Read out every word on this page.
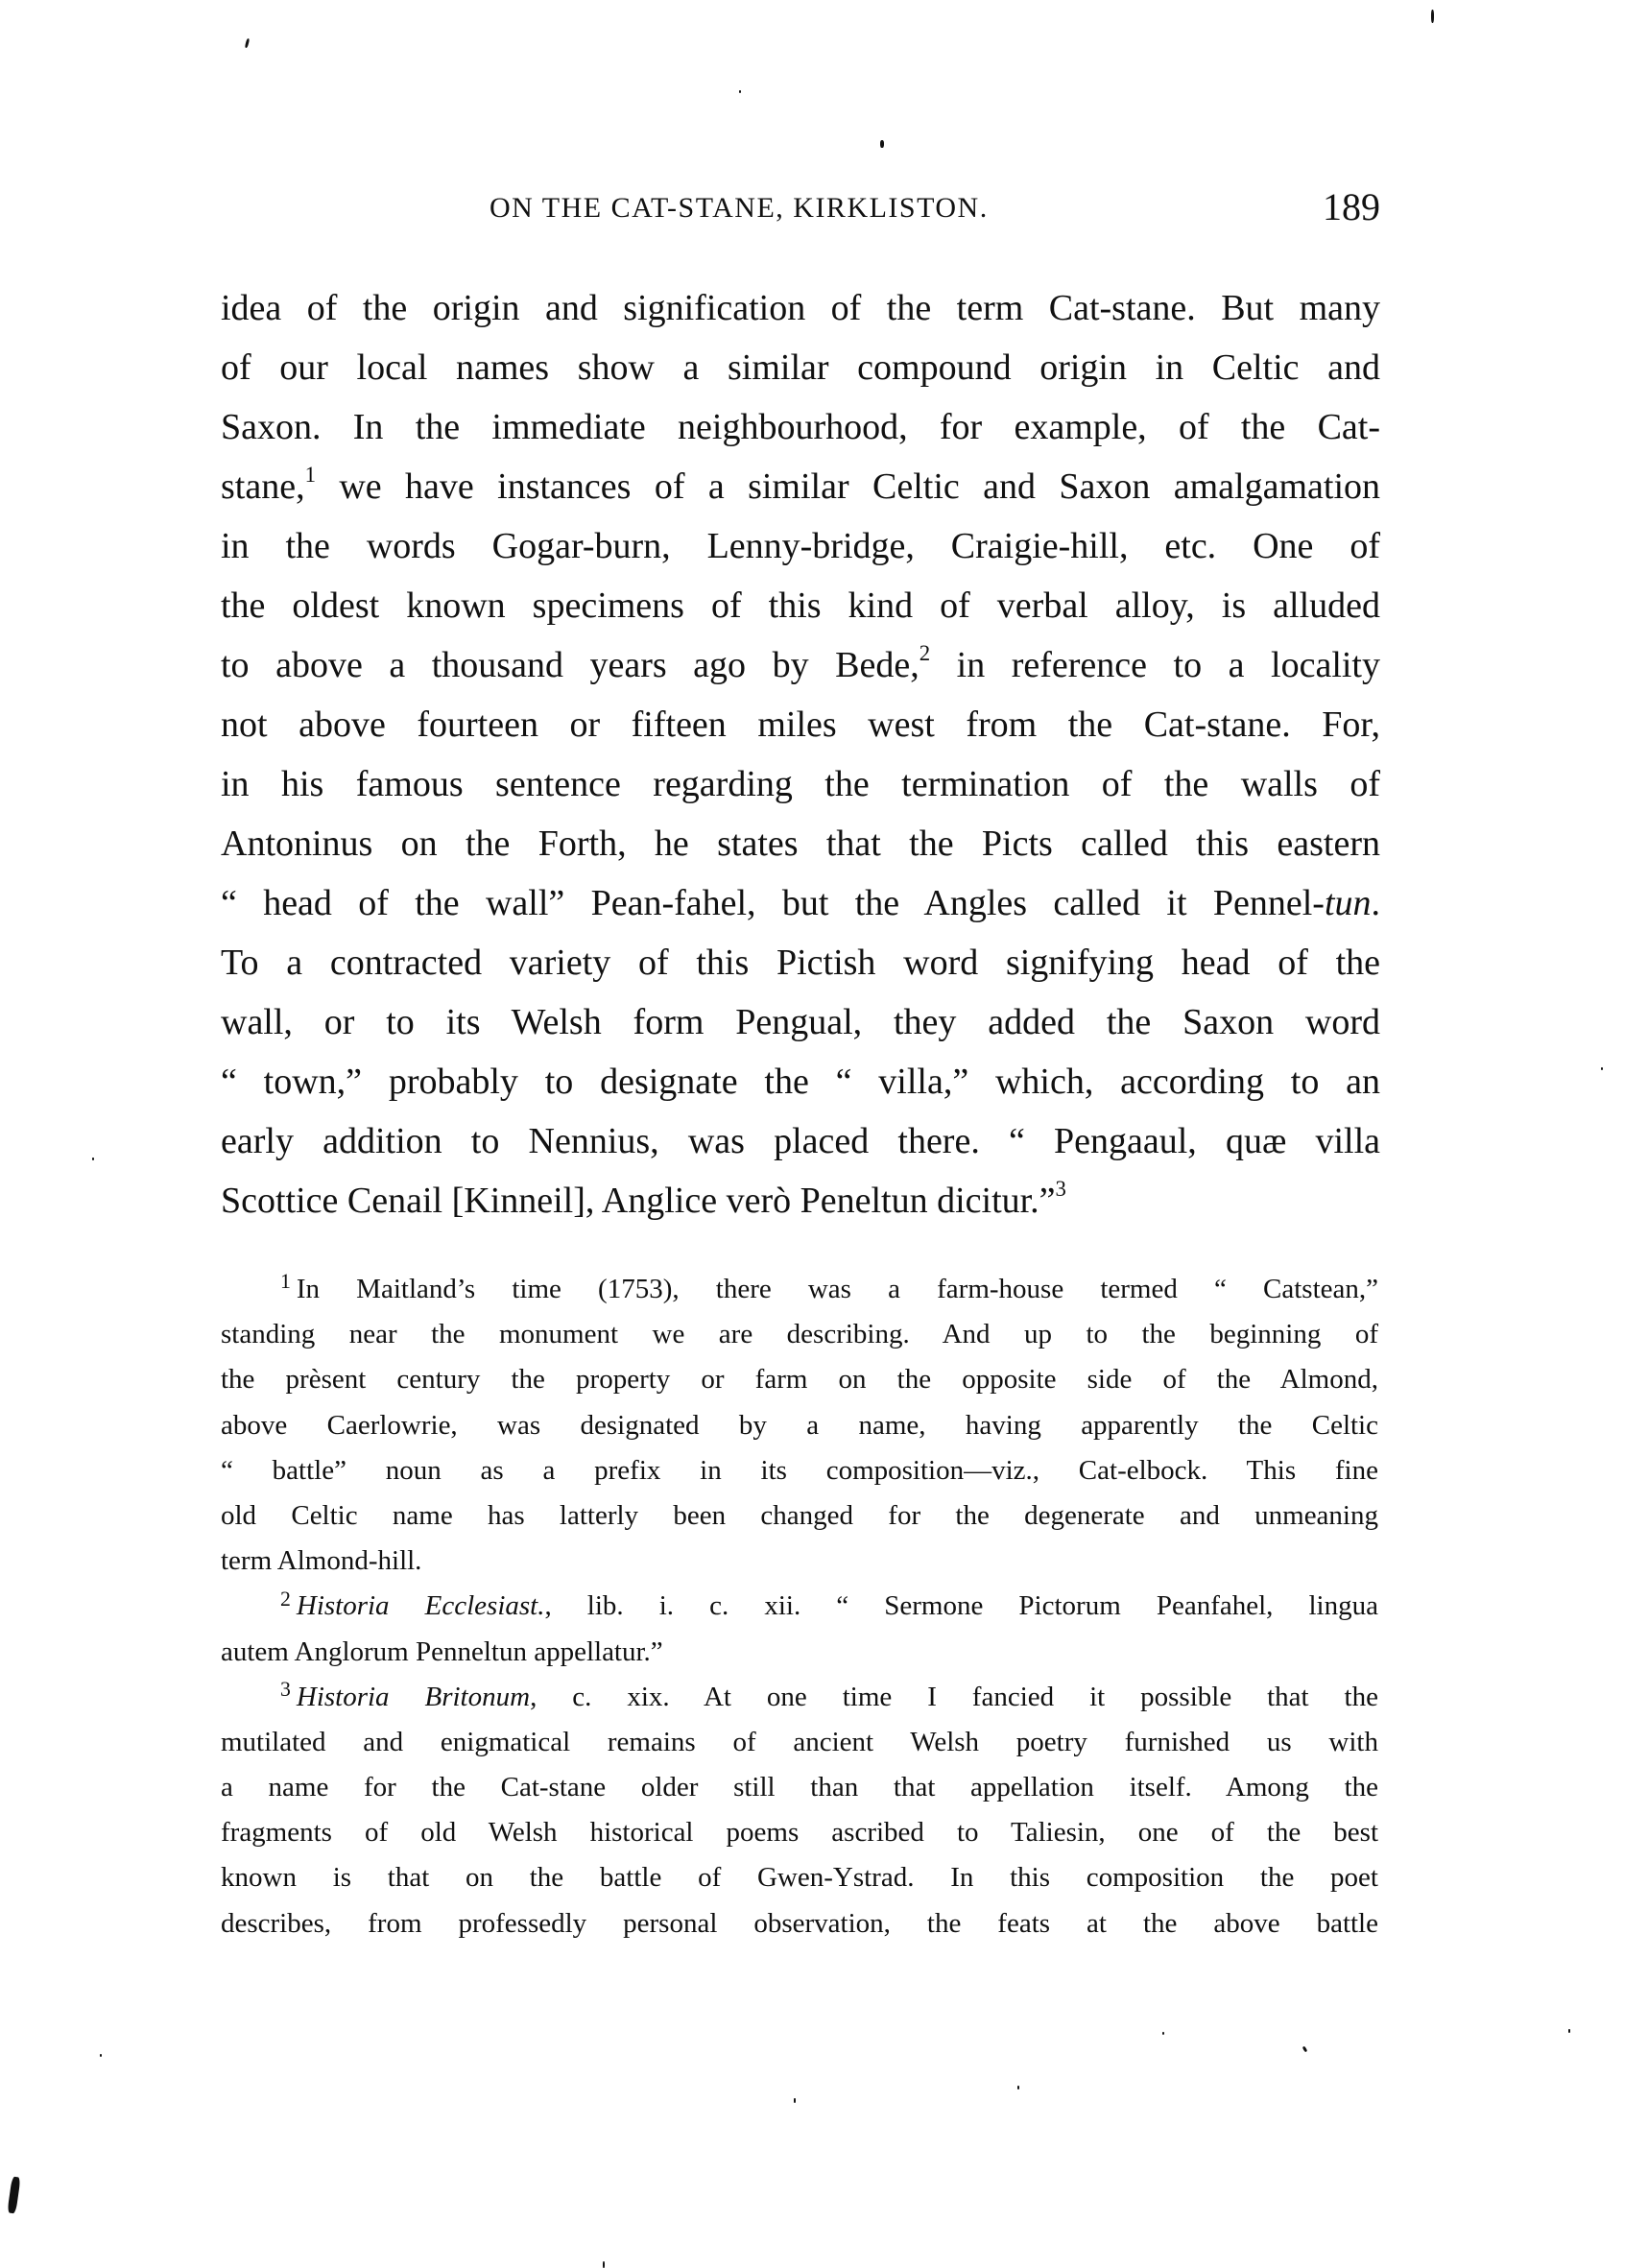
ON THE CAT-STANE, KIRKLISTON.	189
idea of the origin and signification of the term Cat-stane. But many
of our local names show a similar compound origin in Celtic and
Saxon. In the immediate neighbourhood, for example, of the Cat-
stane,$^1$ we have instances of a similar Celtic and Saxon amalgamation
in the words Gogar-burn, Lenny-bridge, Craigie-hill, etc. One of
the oldest known specimens of this kind of verbal alloy, is alluded
to above a thousand years ago by Bede,$^2$ in reference to a locality
not above fourteen or fifteen miles west from the Cat-stane. For,
in his famous sentence regarding the termination of the walls of
Antoninus on the Forth, he states that the Picts called this eastern
“ head of the wall” Pean-fahel, but the Angles called it Pennel-tun.
To a contracted variety of this Pictish word signifying head of the
wall, or to its Welsh form Pengual, they added the Saxon word
“ town,” probably to designate the “ villa,” which, according to an
early addition to Nennius, was placed there. “ Pengaaul, quæ villa
Scottice Cenail [Kinneil], Anglice verò Peneltun dicitur.”$^3$
$^1$ In Maitland’s time (1753), there was a farm-house termed “ Catstean,”
standing near the monument we are describing. And up to the beginning of
the prèsent century the property or farm on the opposite side of the Almond,
above Caerlowrie, was designated by a name, having apparently the Celtic
“ battle” noun as a prefix in its composition—viz., Cat-elbock. This fine
old Celtic name has latterly been changed for the degenerate and unmeaning
term Almond-hill.
$^2$ Historia Ecclesiast., lib. i. c. xii. “ Sermone Pictorum Peanfahel, lingua
autem Anglorum Penneltun appellatur.”
$^3$ Historia Britonum, c. xix. At one time I fancied it possible that the
mutilated and enigmatical remains of ancient Welsh poetry furnished us with
a name for the Cat-stane older still than that appellation itself. Among the
fragments of old Welsh historical poems ascribed to Taliesin, one of the best
known is that on the battle of Gwen-Ystrad. In this composition the poet
describes, from professedly personal observation, the feats at the above battle
